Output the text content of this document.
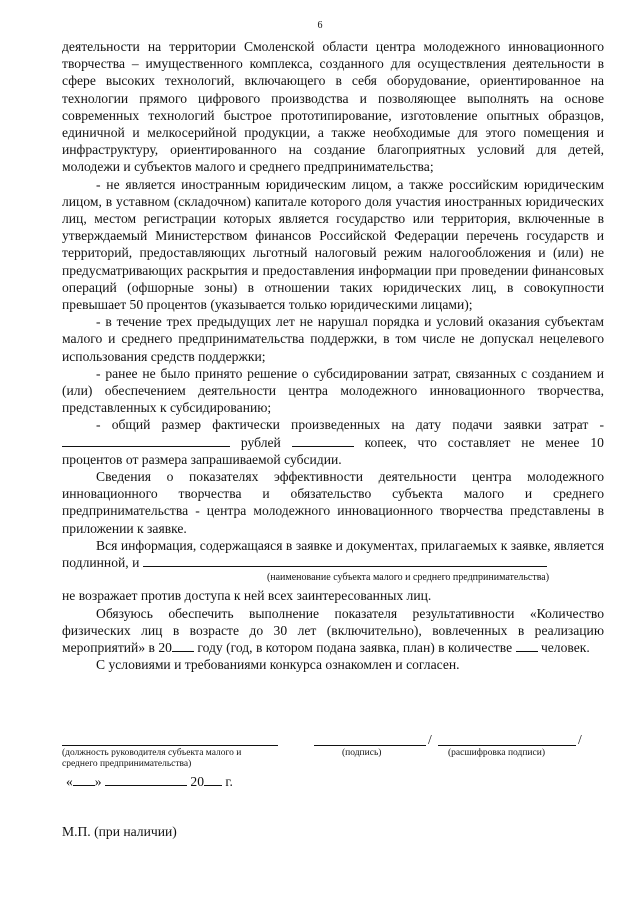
6

деятельности на территории Смоленской области центра молодежного инновационного творчества – имущественного комплекса, созданного для осуществления деятельности в сфере высоких технологий, включающего в себя оборудование, ориентированное на технологии прямого цифрового производства и позволяющее выполнять на основе современных технологий быстрое прототипирование, изготовление опытных образцов, единичной и мелкосерийной продукции, а также необходимые для этого помещения и инфраструктуру, ориентированного на создание благоприятных условий для детей, молодежи и субъектов малого и среднего предпринимательства;

- не является иностранным юридическим лицом, а также российским юридическим лицом, в уставном (складочном) капитале которого доля участия иностранных юридических лиц, местом регистрации которых является государство или территория, включенные в утверждаемый Министерством финансов Российской Федерации перечень государств и территорий, предоставляющих льготный налоговый режим налогообложения и (или) не предусматривающих раскрытия и предоставления информации при проведении финансовых операций (офшорные зоны) в отношении таких юридических лиц, в совокупности превышает 50 процентов (указывается только юридическими лицами);

- в течение трех предыдущих лет не нарушал порядка и условий оказания субъектам малого и среднего предпринимательства поддержки, в том числе не допускал нецелевого использования средств поддержки;

- ранее не было принято решение о субсидировании затрат, связанных с созданием и (или) обеспечением деятельности центра молодежного инновационного творчества, представленных к субсидированию;

- общий размер фактически произведенных на дату подачи заявки затрат -  рублей	копеек, что составляет не менее 10 процентов от размера запрашиваемой субсидии.

Сведения о показателях эффективности деятельности центра молодежного инновационного творчества и обязательство субъекта малого и среднего предпринимательства - центра молодежного инновационного творчества представлены в приложении к заявке.

Вся информация, содержащаяся в заявке и документах, прилагаемых к заявке, является подлинной, и

(наименование субъекта малого и среднего предпринимательства)

не возражает против доступа к ней всех заинтересованных лиц.

Обязуюсь обеспечить выполнение показателя результативности «Количество физических лиц в возрасте до 30 лет (включительно), вовлеченных в реализацию мероприятий» в 20 году (год, в котором подана заявка, план) в количестве человек.

С условиями и требованиями конкурса ознакомлен и согласен.

(должность руководителя субъекта малого и среднего предпринимательства)
/
(подпись)
/
(расшифровка подписи)
« »	20 г.
М.П. (при наличии)
